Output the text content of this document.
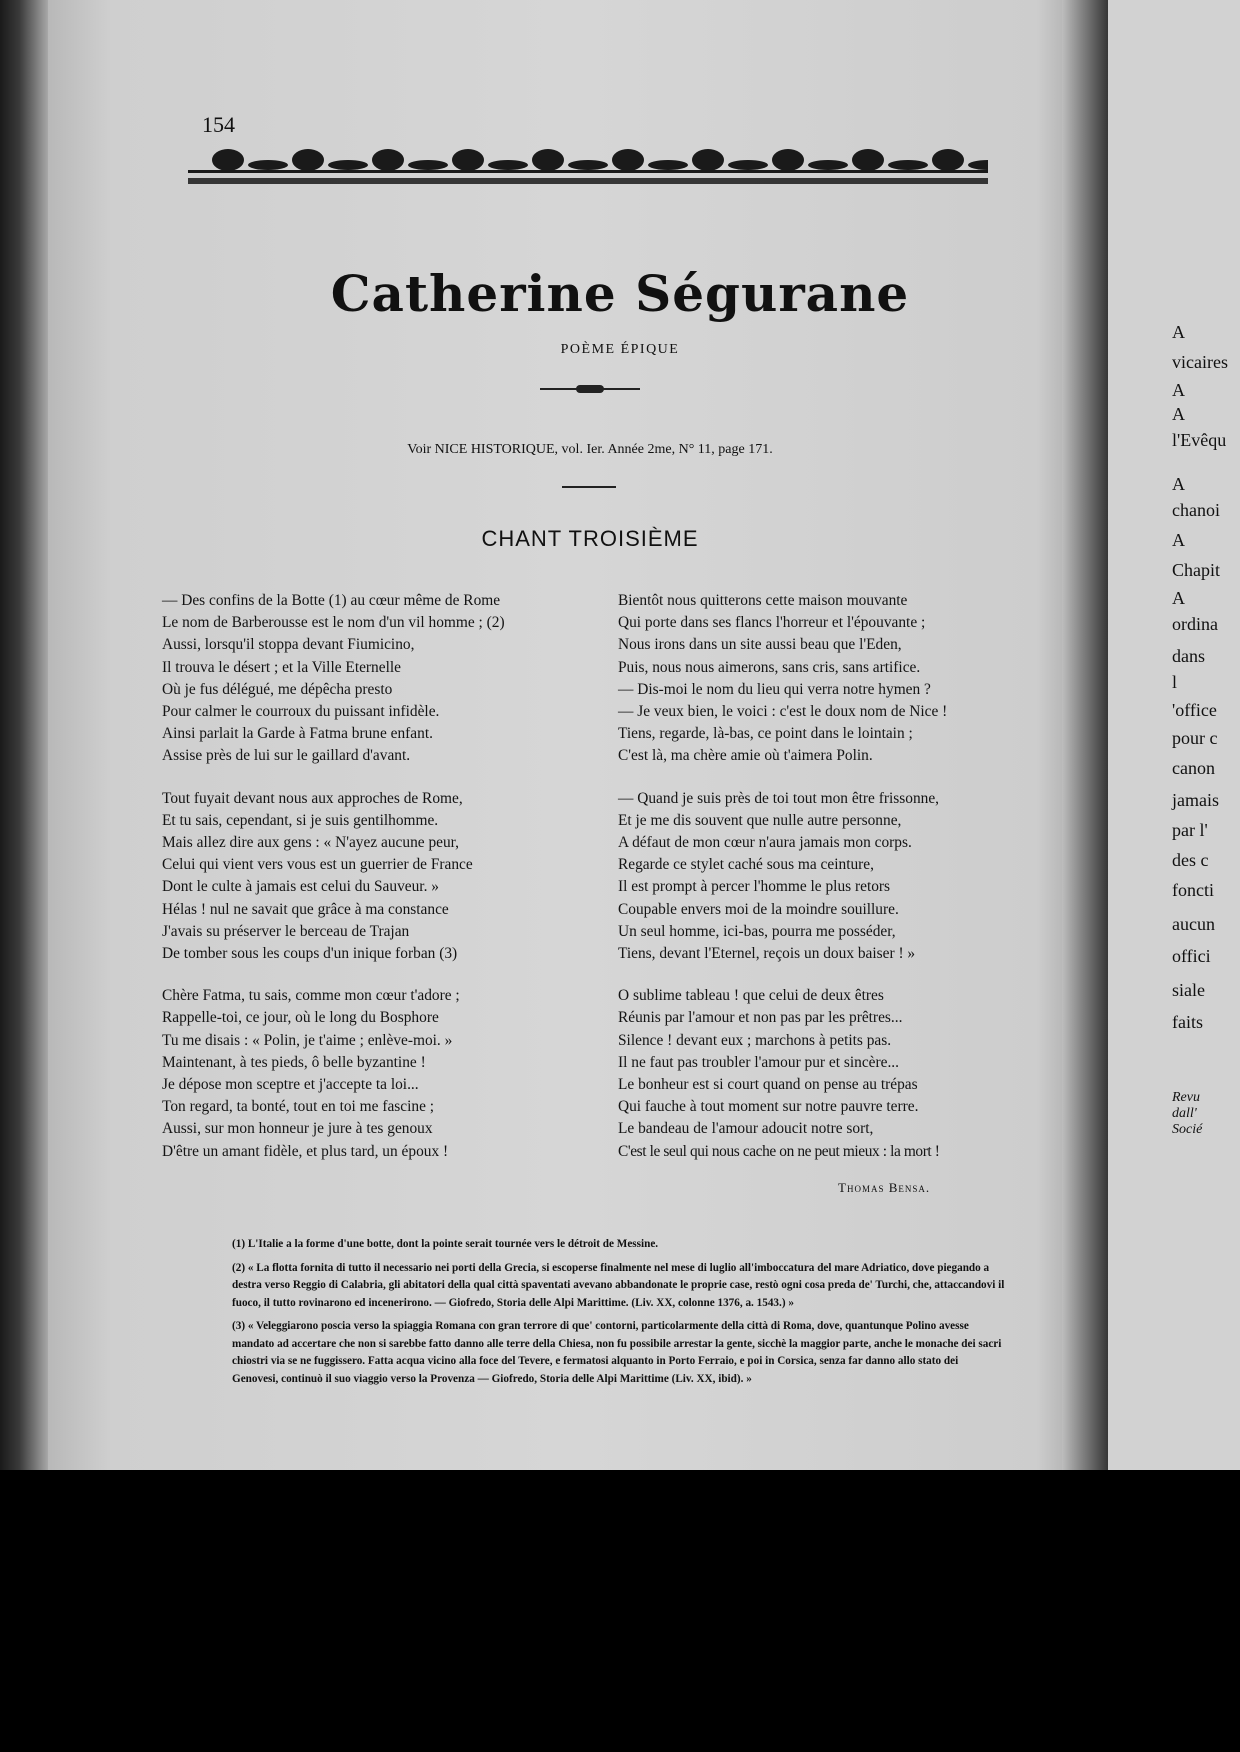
A
vicaires
A
A
l'Evêqu
A
chanoi
A
Chapit
A
ordina
dans
l
'office
pour c
canon
jamais
par l'
des c
foncti
aucun
offici
siale
faits
Revu
dall'
Socié
154
Catherine Ségurane
POÈME ÉPIQUE
Voir NICE HISTORIQUE, vol. Ier. Année 2me, N° 11, page 171.
CHANT TROISIÈME
— Des confins de la Botte (1) au cœur même de Rome
Le nom de Barberousse est le nom d'un vil homme ; (2)
Aussi, lorsqu'il stoppa devant Fiumicino,
Il trouva le désert ; et la Ville Eternelle
Où je fus délégué, me dépêcha presto
Pour calmer le courroux du puissant infidèle.
Ainsi parlait la Garde à Fatma brune enfant.
Assise près de lui sur le gaillard d'avant.
Tout fuyait devant nous aux approches de Rome,
Et tu sais, cependant, si je suis gentilhomme.
Mais allez dire aux gens : « N'ayez aucune peur,
Celui qui vient vers vous est un guerrier de France
Dont le culte à jamais est celui du Sauveur. »
Hélas ! nul ne savait que grâce à ma constance
J'avais su préserver le berceau de Trajan
De tomber sous les coups d'un inique forban (3)
Chère Fatma, tu sais, comme mon cœur t'adore ;
Rappelle-toi, ce jour, où le long du Bosphore
Tu me disais : « Polin, je t'aime ; enlève-moi. »
Maintenant, à tes pieds, ô belle byzantine !
Je dépose mon sceptre et j'accepte ta loi...
Ton regard, ta bonté, tout en toi me fascine ;
Aussi, sur mon honneur je jure à tes genoux
D'être un amant fidèle, et plus tard, un époux !
Bientôt nous quitterons cette maison mouvante
Qui porte dans ses flancs l'horreur et l'épouvante ;
Nous irons dans un site aussi beau que l'Eden,
Puis, nous nous aimerons, sans cris, sans artifice.
— Dis-moi le nom du lieu qui verra notre hymen ?
— Je veux bien, le voici : c'est le doux nom de Nice !
Tiens, regarde, là-bas, ce point dans le lointain ;
C'est là, ma chère amie où t'aimera Polin.
— Quand je suis près de toi tout mon être frissonne,
Et je me dis souvent que nulle autre personne,
A défaut de mon cœur n'aura jamais mon corps.
Regarde ce stylet caché sous ma ceinture,
Il est prompt à percer l'homme le plus retors
Coupable envers moi de la moindre souillure.
Un seul homme, ici-bas, pourra me posséder,
Tiens, devant l'Eternel, reçois un doux baiser ! »
O sublime tableau ! que celui de deux êtres
Réunis par l'amour et non pas par les prêtres...
Silence ! devant eux ; marchons à petits pas.
Il ne faut pas troubler l'amour pur et sincère...
Le bonheur est si court quand on pense au trépas
Qui fauche à tout moment sur notre pauvre terre.
Le bandeau de l'amour adoucit notre sort,
C'est le seul qui nous cache on ne peut mieux : la mort !
Thomas Bensa.
(1) L'Italie a la forme d'une botte, dont la pointe serait tournée vers le détroit de Messine.
(2) « La flotta fornita di tutto il necessario nei porti della Grecia, si escoperse finalmente nel mese di luglio all'imboccatura del mare Adriatico, dove piegando a destra verso Reggio di Calabria, gli abitatori della qual città spaventati avevano abbandonate le proprie case, restò ogni cosa preda de' Turchi, che, attaccandovi il fuoco, il tutto rovinarono ed incenerirono. — Giofredo, Storia delle Alpi Marittime. (Liv. XX, colonne 1376, a. 1543.) »
(3) « Veleggiarono poscia verso la spiaggia Romana con gran terrore di que' contorni, particolarmente della città di Roma, dove, quantunque Polino avesse mandato ad accertare che non si sarebbe fatto danno alle terre della Chiesa, non fu possibile arrestar la gente, sicchè la maggior parte, anche le monache dei sacri chiostri via se ne fuggissero. Fatta acqua vicino alla foce del Tevere, e fermatosi alquanto in Porto Ferraio, e poi in Corsica, senza far danno allo stato dei Genovesi, continuò il suo viaggio verso la Provenza — Giofredo, Storia delle Alpi Marittime (Liv. XX, ibid). »
